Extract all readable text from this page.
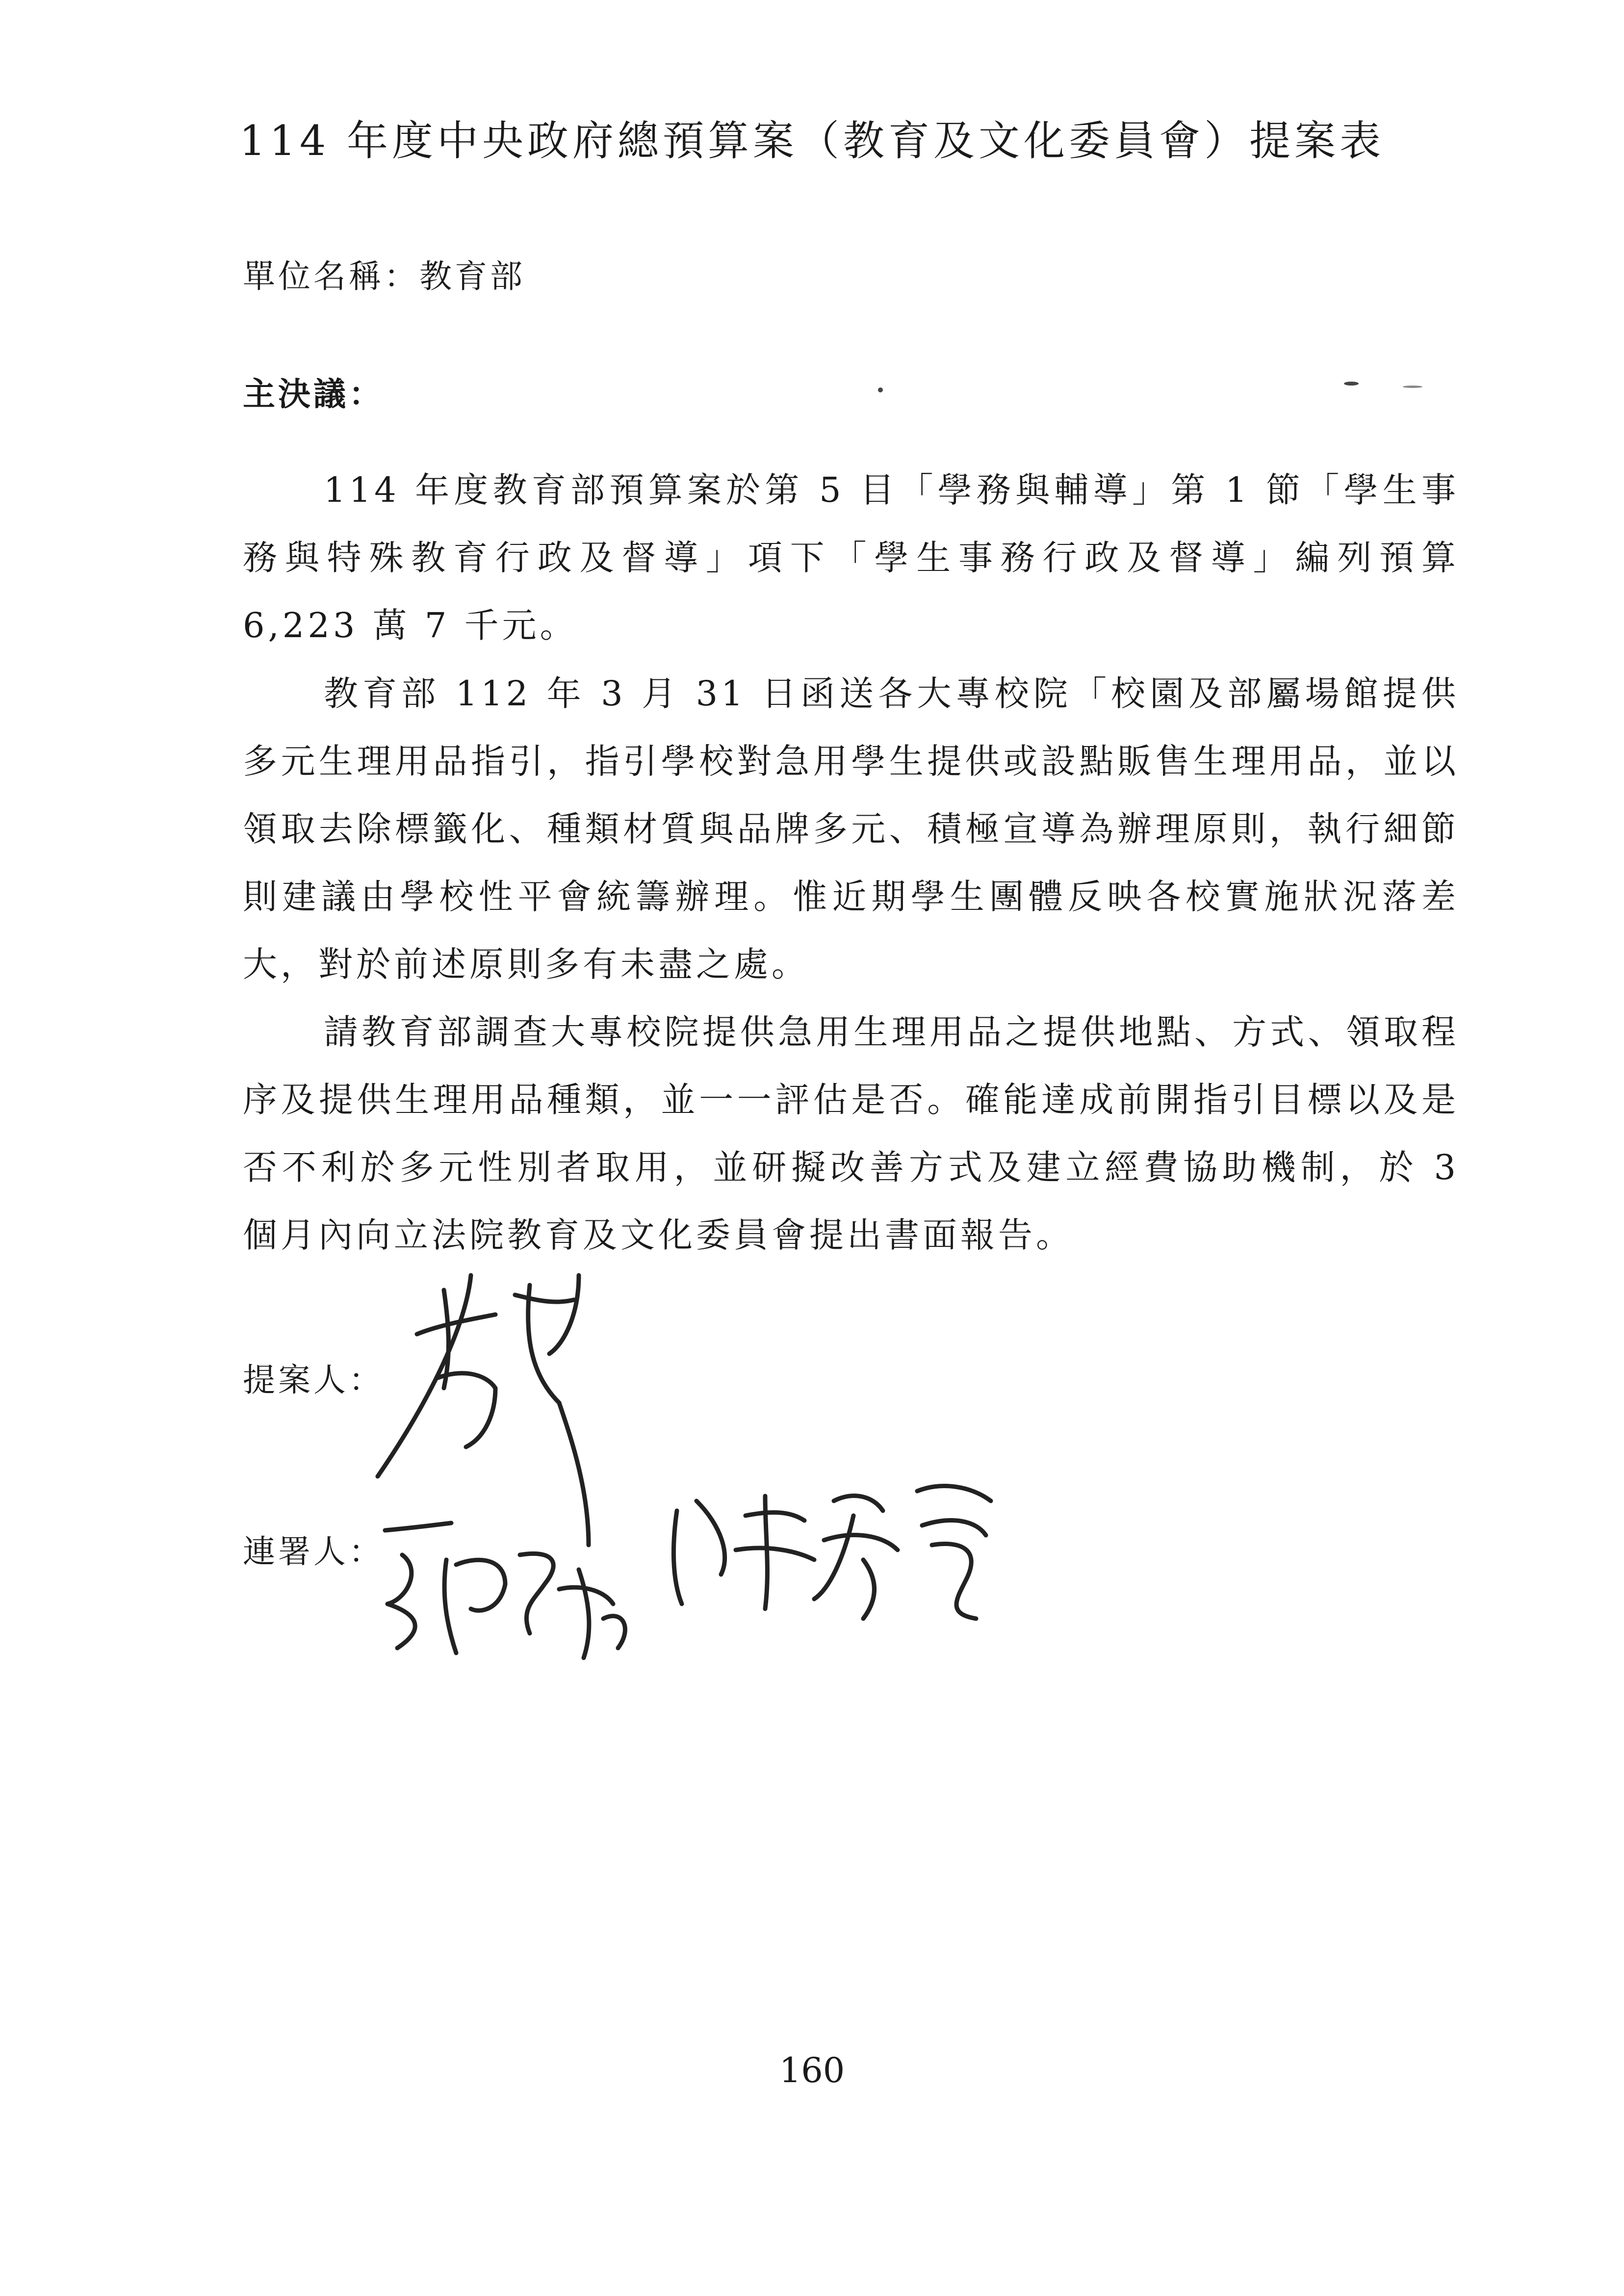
114 年度中央政府總預算案（教育及文化委員會）提案表
單位名稱：教育部
主決議：

114 年度教育部預算案於第 5 目「學務與輔導」第 1 節「學生事務與特殊教育行政及督導」項下「學生事務行政及督導」編列預算 6,223 萬 7 千元。

教育部 112 年 3 月 31 日函送各大專校院「校園及部屬場館提供多元生理用品指引，指引學校對急用學生提供或設點販售生理用品，並以領取去除標籤化、種類材質與品牌多元、積極宣導為辦理原則，執行細節則建議由學校性平會統籌辦理。惟近期學生團體反映各校實施狀況落差大，對於前述原則多有未盡之處。

請教育部調查大專校院提供急用生理用品之提供地點、方式、領取程序及提供生理用品種類，並一一評估是否。確能達成前開指引目標以及是否不利於多元性別者取用，並研擬改善方式及建立經費協助機制，於 3 個月內向立法院教育及文化委員會提出書面報告。

提案人：
連署人：
160
